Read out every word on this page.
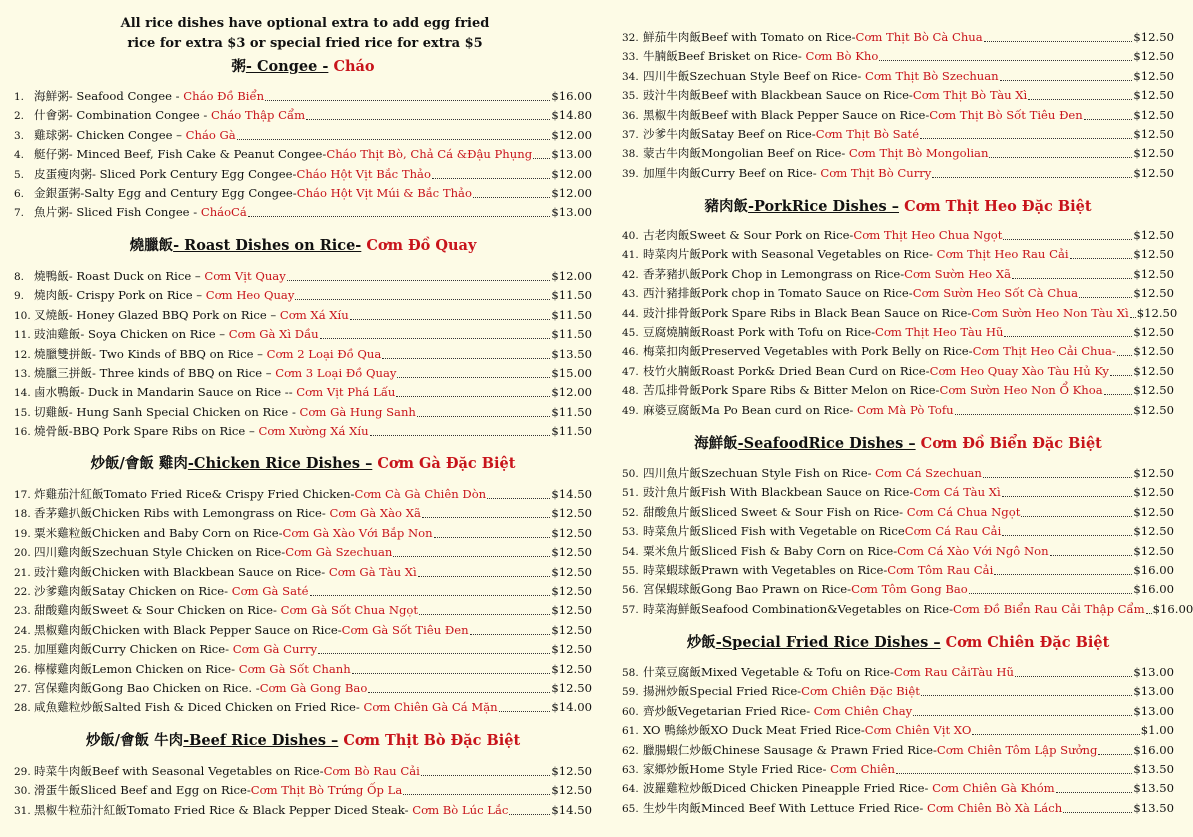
All rice dishes have optional extra to add egg fried
rice for extra $3 or special fried rice for extra $5
粥- Congee - Cháo
1. 海鮮粥 - Seafood Congee - Cháo Đồ Biển	$16.00
2. 什會粥 - Combination Congee - Cháo Thập Cẩm	$14.80
3. 雞球粥 - Chicken Congee – Cháo Gà	$12.00
4. 艇仔粥 - Minced Beef, Fish Cake & Peanut Congee-Cháo Thịt Bò, Chả Cá &Đậu Phụng $13.00
5. 皮蛋瘦肉粥 - Sliced Pork Century Egg Congee-Cháo Hột Vịt Bắc Thảo	$12.00
6. 金銀蛋粥 -Salty Egg and Century Egg Congee-Cháo Hột Vịt Múi & Bắc Thảo	$12.00
7. 魚片粥 - Sliced Fish Congee - CháoCá	$13.00
燒臘飯- Roast Dishes on Rice- Cơm Đồ Quay
8. 燒鴨飯 - Roast Duck on Rice – Cơm Vịt Quay	$12.00
9. 燒肉飯 - Crispy Pork on Rice – Cơm Heo Quay	$11.50
10. 叉燒飯 - Honey Glazed BBQ Pork on Rice – Cơm Xá Xíu	$11.50
11. 豉油雞飯 - Soya Chicken on Rice – Cơm Gà Xì Dầu	$11.50
12. 燒臘雙拼飯 - Two Kinds of BBQ on Rice – Cơm 2 Loại Đồ Qua	$13.50
13. 燒臘三拼飯 - Three kinds of BBQ on Rice – Cơm 3 Loại Đồ Quay	$15.00
14. 鹵水鴨飯 - Duck in Mandarin Sauce on Rice -- Cơm Vịt Phá Lấu	$12.00
15. 切雞飯 - Hung Sanh Special Chicken on Rice - Cơm Gà Hung Sanh	$11.50
16. 燒骨飯 -BBQ Pork Spare Ribs on Rice – Cơm Xường Xá Xíu	$11.50
炒飯/會飯 雞肉-Chicken Rice Dishes – Cơm Gà Đặc Biệt
17. 炸雞茄汁紅飯 Tomato Fried Rice& Crispy Fried Chicken-Cơm Cà Gà Chiên Dòn	$14.50
18. 香茅雞扒飯 Chicken Ribs with Lemongrass on Rice- Cơm Gà Xào Xã	$12.50
19. 粟米雞粒飯 Chicken and Baby Corn on Rice-Cơm Gà Xào Với Bắp Non	$12.50
20. 四川雞肉飯 Szechuan Style Chicken on Rice-Cơm Gà Szechuan	$12.50
21. 豉汁雞肉飯 Chicken with Blackbean Sauce on Rice- Cơm Gà Tàu Xì	$12.50
22. 沙爹雞肉飯 Satay Chicken on Rice- Cơm Gà Saté	$12.50
23. 甜酸雞肉飯 Sweet & Sour Chicken on Rice- Cơm Gà Sốt Chua Ngọt	$12.50
24. 黑椒雞肉飯 Chicken with Black Pepper Sauce on Rice-Cơm Gà Sốt Tiêu Đen	$12.50
25. 加厘雞肉飯 Curry Chicken on Rice- Cơm Gà Curry	$12.50
26. 檸檬雞肉飯 Lemon Chicken on Rice- Cơm Gà Sốt Chanh	$12.50
27. 宮保雞肉飯 Gong Bao Chicken on Rice. -Cơm Gà Gong Bao	$12.50
28. 咸魚雞粒炒飯 Salted Fish & Diced Chicken on Fried Rice- Cơm Chiên Gà Cá Mặn	$14.00
炒飯/會飯 牛肉-Beef Rice Dishes – Cơm Thịt Bò Đặc Biệt
29. 時菜牛肉飯 Beef with Seasonal Vegetables on Rice-Cơm Bò Rau Cải	$12.50
30. 滑蛋牛飯 Sliced Beef and Egg on Rice-Cơm Thịt Bò Trứng Ốp La	$12.50
31. 黑椒牛粒茄汁紅飯 Tomato Fried Rice & Black Pepper Diced Steak- Cơm Bò Lúc Lắc	$14.50
32. 鮮茄牛肉飯 Beef with Tomato on Rice-Cơm Thịt Bò Cà Chua	$12.50
33. 牛腩飯 Beef Brisket on Rice- Cơm Bò Kho	$12.50
34. 四川牛飯 Szechuan Style Beef on Rice- Cơm Thịt Bò Szechuan	$12.50
35. 豉汁牛肉飯 Beef with Blackbean Sauce on Rice-Cơm Thịt Bò Tàu Xì	$12.50
36. 黑椒牛肉飯 Beef with Black Pepper Sauce on Rice-Cơm Thịt Bò Sốt Tiêu Đen	$12.50
37. 沙爹牛肉飯 Satay Beef on Rice-Cơm Thịt Bò Saté	$12.50
38. 蒙古牛肉飯 Mongolian Beef on Rice- Cơm Thịt Bò Mongolian	$12.50
39. 加厘牛肉飯 Curry Beef on Rice- Cơm Thịt Bò Curry	$12.50
豬肉飯-PorkRice Dishes – Cơm Thịt Heo Đặc Biệt
40. 古老肉飯 Sweet & Sour Pork on Rice-Cơm Thịt Heo Chua Ngọt	$12.50
41. 時菜肉片飯 Pork with Seasonal Vegetables on Rice- Cơm Thịt Heo Rau Cải	$12.50
42. 香茅豬扒飯 Pork Chop in Lemongrass on Rice-Cơm Sườn Heo Xã	$12.50
43. 西汁豬排飯 Pork chop in Tomato Sauce on Rice-Cơm Sườn Heo Sốt Cà Chua	$12.50
44. 豉汁排骨飯 Pork Spare Ribs in Black Bean Sauce on Rice-Cơm Sườn Heo Non Tàu Xì $12.50
45. 豆腐燒腩飯 Roast Pork with Tofu on Rice-Cơm Thịt Heo Tàu Hũ	$12.50
46. 梅菜扣肉飯 Preserved Vegetables with Pork Belly on Rice-Cơm Thịt Heo Cải Chua- $12.50
47. 枝竹火腩飯 Roast Pork& Dried Bean Curd on Rice-Cơm Heo Quay Xào Tàu Hủ Ky $12.50
48. 苦瓜排骨飯 Pork Spare Ribs & Bitter Melon on Rice-Cơm Sườn Heo Non Ổ Khoa	$12.50
49. 麻婆豆腐飯 Ma Po Bean curd on Rice- Cơm Mà Pò Tofu	$12.50
海鮮飯-SeafoodRice Dishes – Cơm Đồ Biển Đặc Biệt
50. 四川魚片飯 Szechuan Style Fish on Rice- Cơm Cá Szechuan	$12.50
51. 豉汁魚片飯 Fish With Blackbean Sauce on Rice-Cơm Cá Tàu Xì	$12.50
52. 甜酸魚片飯 Sliced Sweet & Sour Fish on Rice- Cơm Cá Chua Ngọt	$12.50
53. 時菜魚片飯 Sliced Fish with Vegetable on RiceCơm Cá Rau Cải	$12.50
54. 粟米魚片飯 Sliced Fish & Baby Corn on Rice-Cơm Cá Xào Với Ngô Non	$12.50
55. 時菜蝦球飯 Prawn with Vegetables on Rice-Cơm Tôm Rau Cải	$16.00
56. 宮保蝦球飯 Gong Bao Prawn on Rice-Cơm Tôm Gong Bao	$16.00
57. 時菜海鮮飯 Seafood Combination&Vegetables on Rice-Cơm Đồ Biển Rau Cải Thập Cẩm $16.00
炒飯-Special Fried Rice Dishes – Cơm Chiên Đặc Biệt
58. 什菜豆腐飯 Mixed Vegetable & Tofu on Rice-Cơm Rau CảiTàu Hũ	$13.00
59. 揚洲炒飯 Special Fried Rice-Cơm Chiên Đặc Biệt	$13.00
60. 齊炒飯 Vegetarian Fried Rice- Cơm Chiên Chay	$13.00
61. XO 鴨絲炒飯 XO Duck Meat Fried Rice-Cơm Chiên Vịt XO	$1.00
62. 臘腸蝦仁炒飯 Chinese Sausage & Prawn Fried Rice-Cơm Chiên Tôm Lập Sưởng	$16.00
63. 家鄉炒飯 Home Style Fried Rice- Cơm Chiên	$13.50
64. 波羅雞粒炒飯 Diced Chicken Pineapple Fried Rice- Cơm Chiên Gà Khóm	$13.50
65. 生炒牛肉飯 Minced Beef With Lettuce Fried Rice- Cơm Chiên Bò Xà Lách	$13.50
